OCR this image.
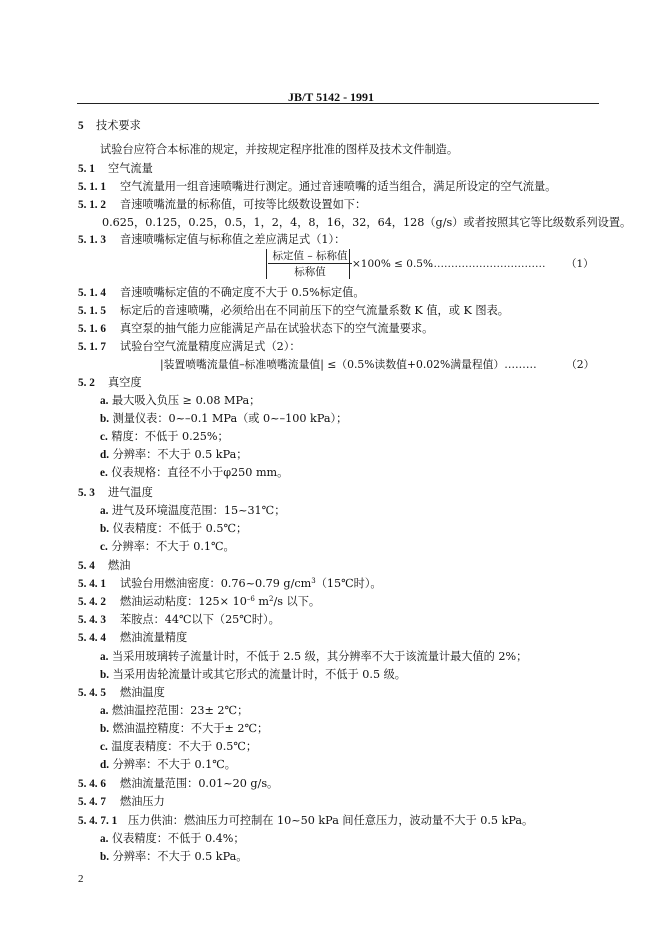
JB/T 5142 - 1991
5 技术要求
试验台应符合本标准的规定，并按规定程序批准的图样及技术文件制造。
5. 1 空气流量
5. 1. 1 空气流量用一组音速喷嘴进行测定。通过音速喷嘴的适当组合，满足所设定的空气流量。
5. 1. 2 音速喷嘴流量的标称值，可按等比级数设置如下：
0.625，0.125，0.25，0.5，1，2，4，8，16，32，64，128（g/s）或者按照其它等比级数系列设置。
5. 1. 3 音速喷嘴标定值与标称值之差应满足式（1）：
标定值 – 标称值
标称值
×100% ≤ 0.5%
…………………………… （1）
5. 1. 4 音速喷嘴标定值的不确定度不大于 0.5%标定值。
5. 1. 5 标定后的音速喷嘴，必须给出在不同前压下的空气流量系数 K 值，或 K 图表。
5. 1. 6 真空泵的抽气能力应能满足产品在试验状态下的空气流量要求。
5. 1. 7 试验台空气流量精度应满足式（2）：
|装置喷嘴流量值–标准喷嘴流量值| ≤（0.5%读数值+0.02%满量程值）………	（2）
5. 2 真空度
a. 最大吸入负压 ≥ 0.08 MPa；
b. 测量仪表：0~–0.1 MPa（或 0~–100 kPa）；
c. 精度：不低于 0.25%；
d. 分辨率：不大于 0.5 kPa；
e. 仪表规格：直径不小于φ250 mm。
5. 3 进气温度
a. 进气及环境温度范围：15~31℃；
b. 仪表精度：不低于 0.5℃；
c. 分辨率：不大于 0.1℃。
5. 4 燃油
5. 4. 1 试验台用燃油密度：0.76~0.79 $g/cm^3(15℃$时）。
5. 4. 2 燃油运动粘度：$125\times 10^{-6}$ $m^2/s$ 以下。
5. 4. 3 苯胺点：44℃以下（25℃时）。
5. 4. 4 燃油流量精度
a. 当采用玻璃转子流量计时，不低于 2.5 级，其分辨率不大于该流量计最大值的 2%；
b. 当采用齿轮流量计或其它形式的流量计时，不低于 0.5 级。
5. 4. 5 燃油温度
a. 燃油温控范围：23± 2℃；
b. 燃油温控精度：不大于± 2℃；
c. 温度表精度：不大于 0.5℃；
d. 分辨率：不大于 0.1℃。
5. 4. 6 燃油流量范围：0.01~20 g/s。
5. 4. 7 燃油压力
5. 4. 7. 1 压力供油：燃油压力可控制在 10~50 kPa 间任意压力，波动量不大于 0.5 kPa。
a. 仪表精度：不低于 0.4%；
b. 分辨率：不大于 0.5 kPa。
2
